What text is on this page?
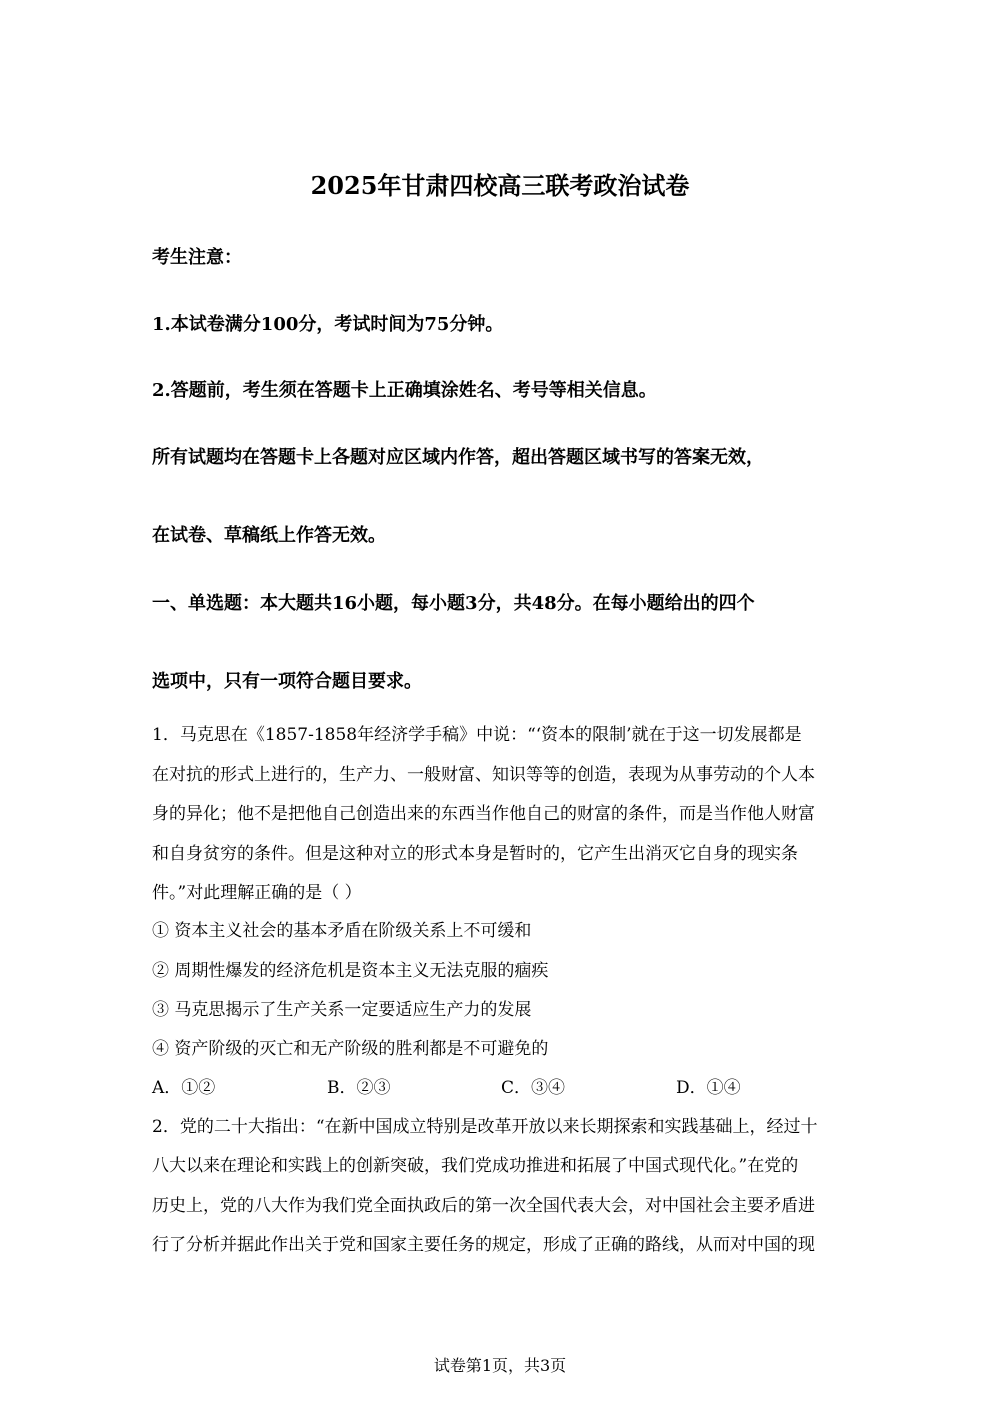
2025年甘肃四校高三联考政治试卷
考生注意：
1.本试卷满分100分，考试时间为75分钟。
2.答题前，考生须在答题卡上正确填涂姓名、考号等相关信息。
所有试题均在答题卡上各题对应区域内作答，超出答题区域书写的答案无效，
在试卷、草稿纸上作答无效。
一、单选题：本大题共16小题，每小题3分，共48分。在每小题给出的四个
选项中，只有一项符合题目要求。
1．马克思在《1857-1858年经济学手稿》中说：“‘资本的限制’就在于这一切发展都是
在对抗的形式上进行的，生产力、一般财富、知识等等的创造，表现为从事劳动的个人本
身的异化；他不是把他自己创造出来的东西当作他自己的财富的条件，而是当作他人财富
和自身贫穷的条件。但是这种对立的形式本身是暂时的，它产生出消灭它自身的现实条
件。”对此理解正确的是（ ）
① 资本主义社会的基本矛盾在阶级关系上不可缓和
② 周期性爆发的经济危机是资本主义无法克服的痼疾
③ 马克思揭示了生产关系一定要适应生产力的发展
④ 资产阶级的灭亡和无产阶级的胜利都是不可避免的
A．①②	B．②③	C．③④	D．①④
2．党的二十大指出：“在新中国成立特别是改革开放以来长期探索和实践基础上，经过十
八大以来在理论和实践上的创新突破，我们党成功推进和拓展了中国式现代化。”在党的
历史上，党的八大作为我们党全面执政后的第一次全国代表大会，对中国社会主要矛盾进
行了分析并据此作出关于党和国家主要任务的规定，形成了正确的路线，从而对中国的现
试卷第1页，共3页
